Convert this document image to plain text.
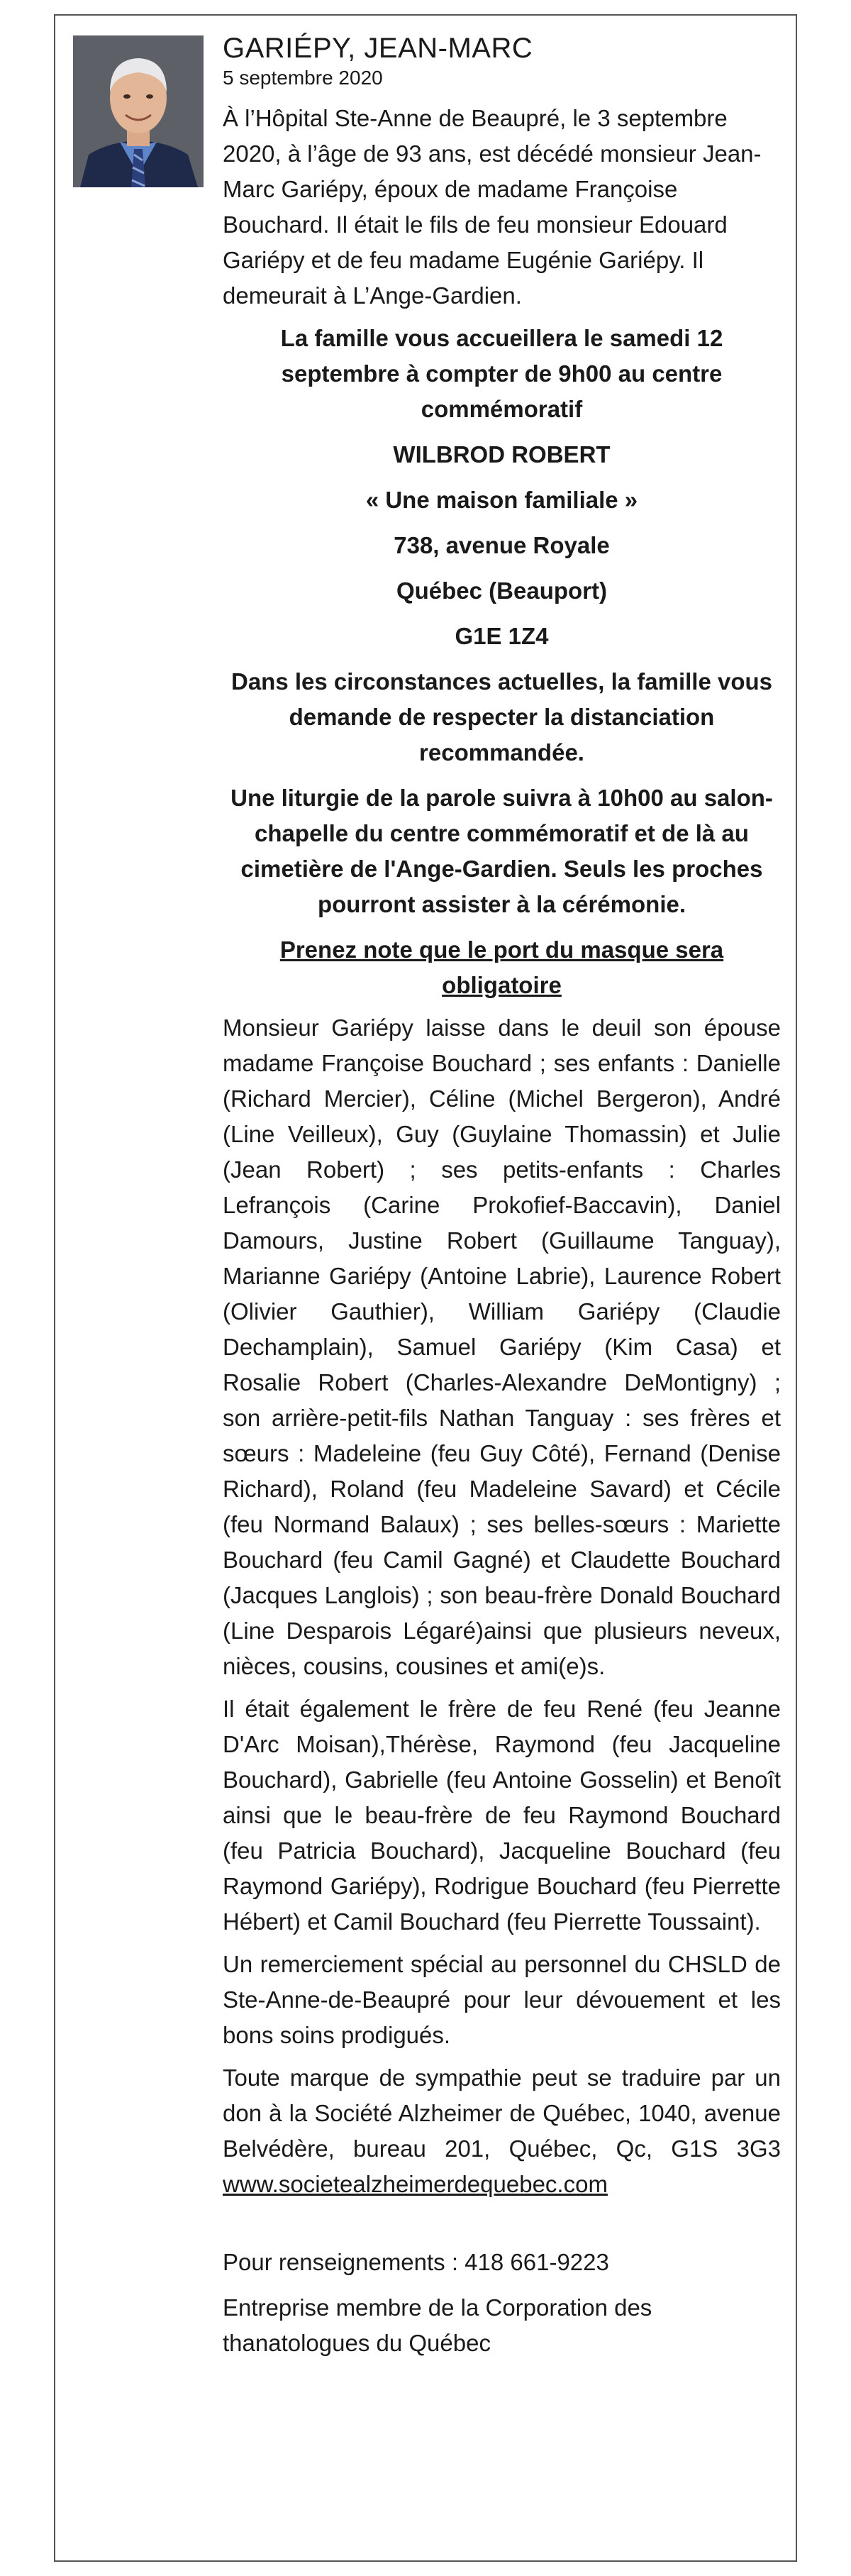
GARIÉPY, JEAN-MARC

5 septembre 2020

À l’Hôpital Ste-Anne de Beaupré, le 3 septembre 2020, à l’âge de 93 ans, est décédé monsieur Jean-Marc Gariépy, époux de madame Françoise Bouchard. Il était le fils de feu monsieur Edouard Gariépy et de feu madame Eugénie Gariépy. Il demeurait à L’Ange-Gardien.

La famille vous accueillera le samedi 12 septembre à compter de 9h00 au centre commémoratif

WILBROD ROBERT

« Une maison familiale »

738, avenue Royale

Québec (Beauport)

G1E 1Z4

Dans les circonstances actuelles, la famille vous demande de respecter la distanciation recommandée.

Une liturgie de la parole suivra à 10h00 au salon-chapelle du centre commémoratif et de là au cimetière de l'Ange-Gardien. Seuls les proches pourront assister à la cérémonie.

Prenez note que le port du masque sera obligatoire

Monsieur Gariépy laisse dans le deuil son épouse madame Françoise Bouchard ; ses enfants : Danielle (Richard Mercier), Céline (Michel Bergeron), André (Line Veilleux), Guy (Guylaine Thomassin) et Julie (Jean Robert) ; ses petits-enfants : Charles Lefrançois (Carine Prokofief-Baccavin), Daniel Damours, Justine Robert (Guillaume Tanguay), Marianne Gariépy (Antoine Labrie), Laurence Robert (Olivier Gauthier), William Gariépy (Claudie Dechamplain), Samuel Gariépy (Kim Casa) et Rosalie Robert (Charles-Alexandre DeMontigny) ; son arrière-petit-fils Nathan Tanguay : ses frères et sœurs : Madeleine (feu Guy Côté), Fernand (Denise Richard), Roland (feu Madeleine Savard) et Cécile (feu Normand Balaux) ; ses belles-sœurs : Mariette Bouchard (feu Camil Gagné) et Claudette Bouchard (Jacques Langlois) ; son beau-frère Donald Bouchard (Line Desparois Légaré)ainsi que plusieurs neveux, nièces, cousins, cousines et ami(e)s.

Il était également le frère de feu René (feu Jeanne D'Arc Moisan),Thérèse, Raymond (feu Jacqueline Bouchard), Gabrielle (feu Antoine Gosselin) et Benoît ainsi que le beau-frère de feu Raymond Bouchard (feu Patricia Bouchard), Jacqueline Bouchard (feu Raymond Gariépy), Rodrigue Bouchard (feu Pierrette Hébert) et Camil Bouchard (feu Pierrette Toussaint).

Un remerciement spécial au personnel du CHSLD de Ste-Anne-de-Beaupré pour leur dévouement et les bons soins prodigués.

Toute marque de sympathie peut se traduire par un don à la Société Alzheimer de Québec, 1040, avenue Belvédère, bureau 201, Québec, Qc, G1S 3G3 www.societealzheimerdequebec.com

Pour renseignements : 418 661-9223

Entreprise membre de la Corporation des thanatologues du Québec
